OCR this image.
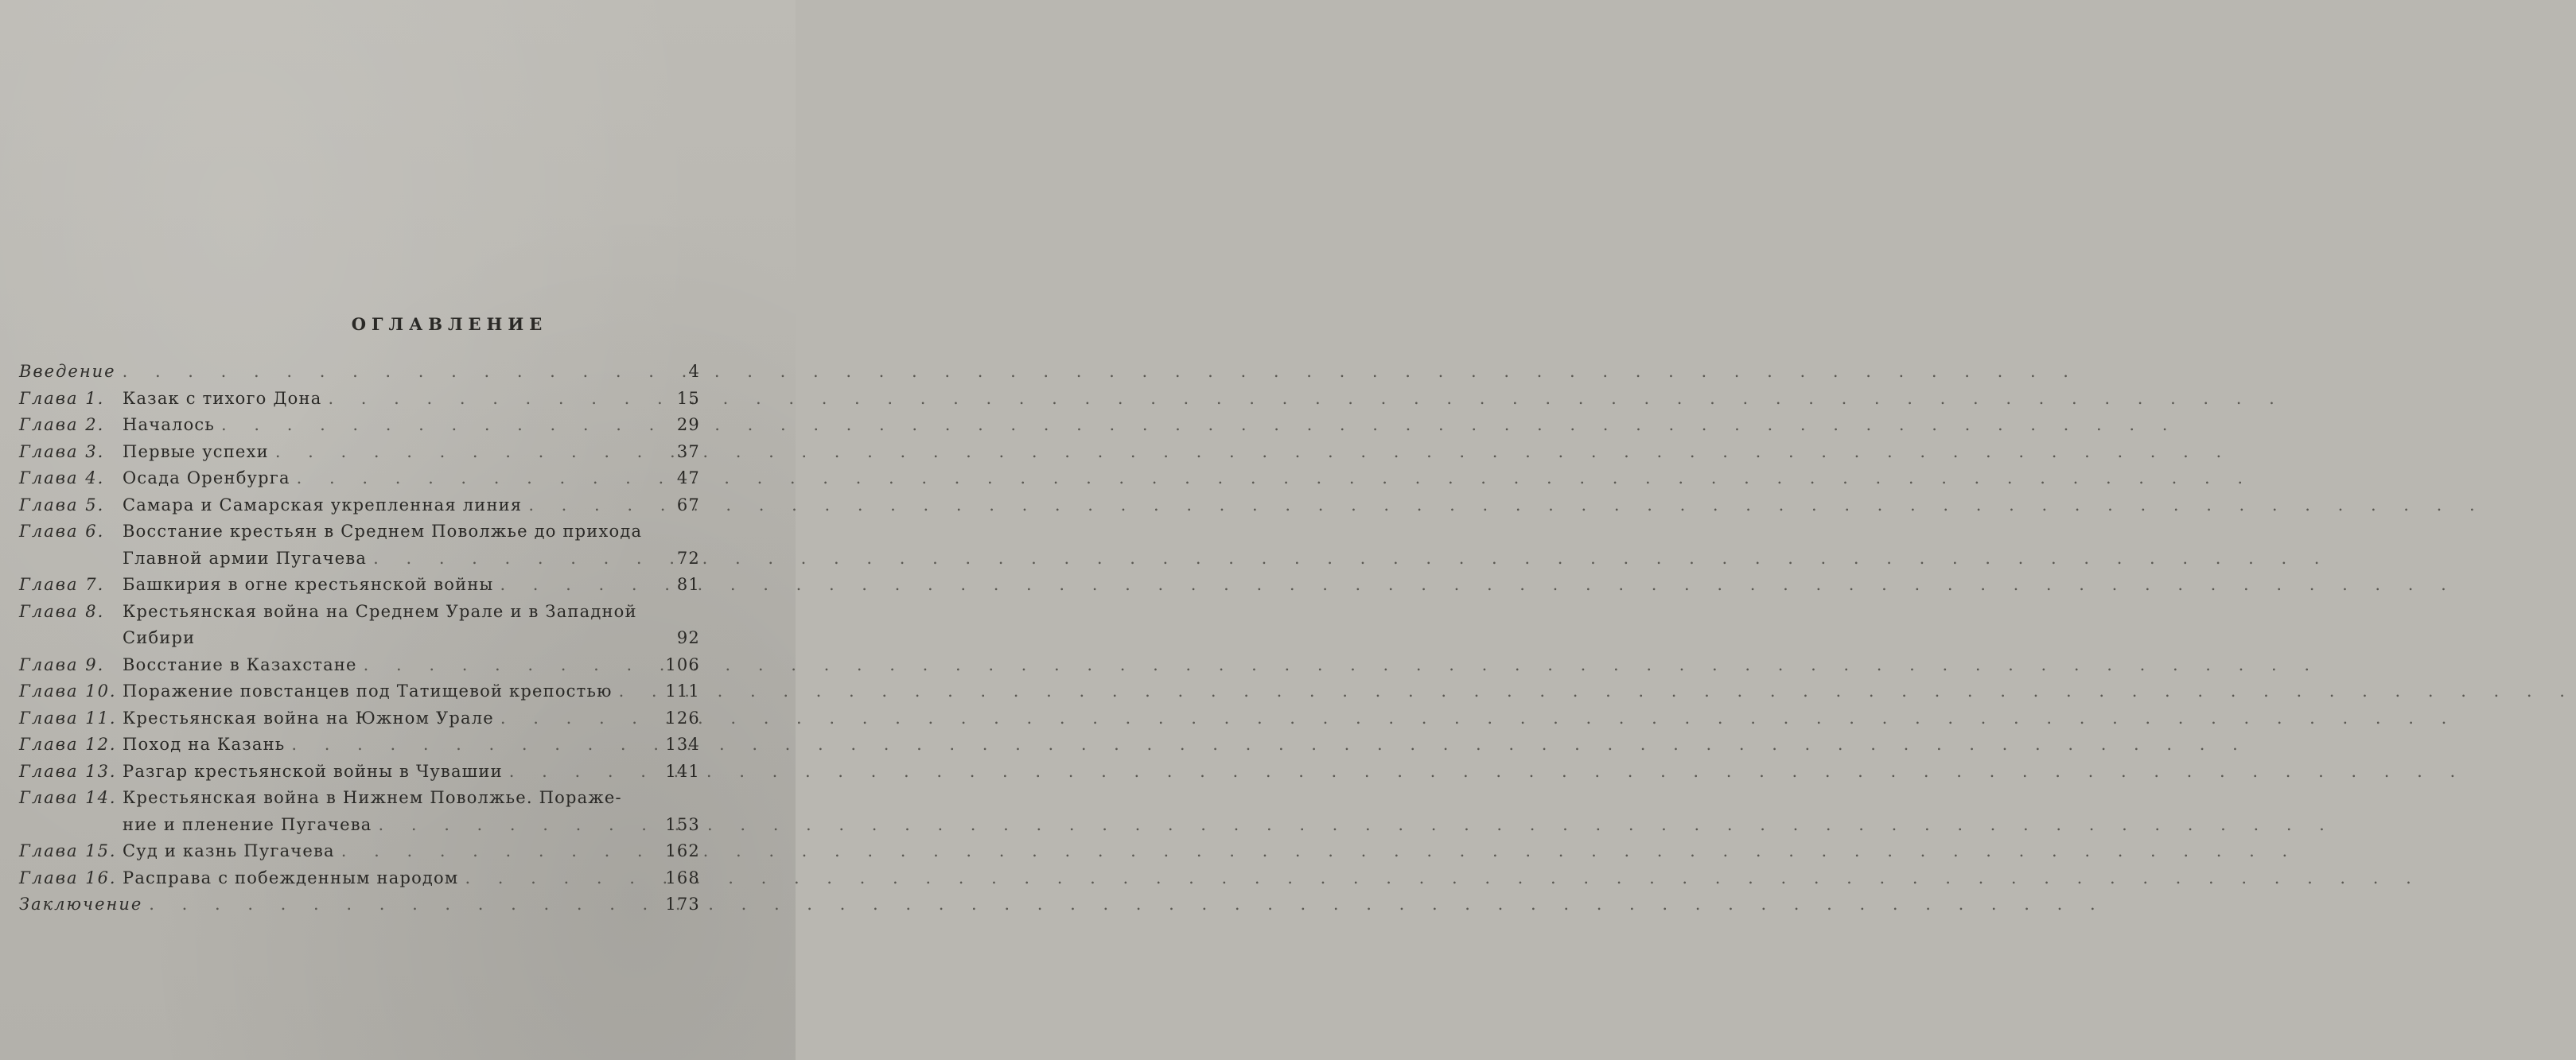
ОГЛАВЛЕНИЕ
Введение . . .	4
Глава 1.	Казак с тихого Дона . . .	15
Глава 2.	Началось . . .	29
Глава 3.	Первые успехи . . .	37
Глава 4.	Осада Оренбурга . . .	47
Глава 5.	Самара и Самарская укрепленная линия . . .	67
Глава 6.	Восстание крестьян в Среднем Поволжье до прихода
Главной армии Пугачева . . .	72
Глава 7.	Башкирия в огне крестьянской войны . . .	81
Глава 8.	Крестьянская война на Среднем Урале и в Западной
Сибири	92
Глава 9.	Восстание в Казахстане . . .	106
Глава 10. Поражение повстанцев под Татищевой крепостью . . .	111
Глава 11. Крестьянская война на Южном Урале . . .	126
Глава 12. Поход на Казань . . .	134
Глава 13. Разгар крестьянской войны в Чувашии . . .	141
Глава 14. Крестьянская война в Нижнем Поволжье. Пораже-
ние и пленение Пугачева . . .	153
Глава 15. Суд и казнь Пугачева . . .	162
Глава 16. Расправа с побежденным народом . . .	168
Заключение . . .	173
